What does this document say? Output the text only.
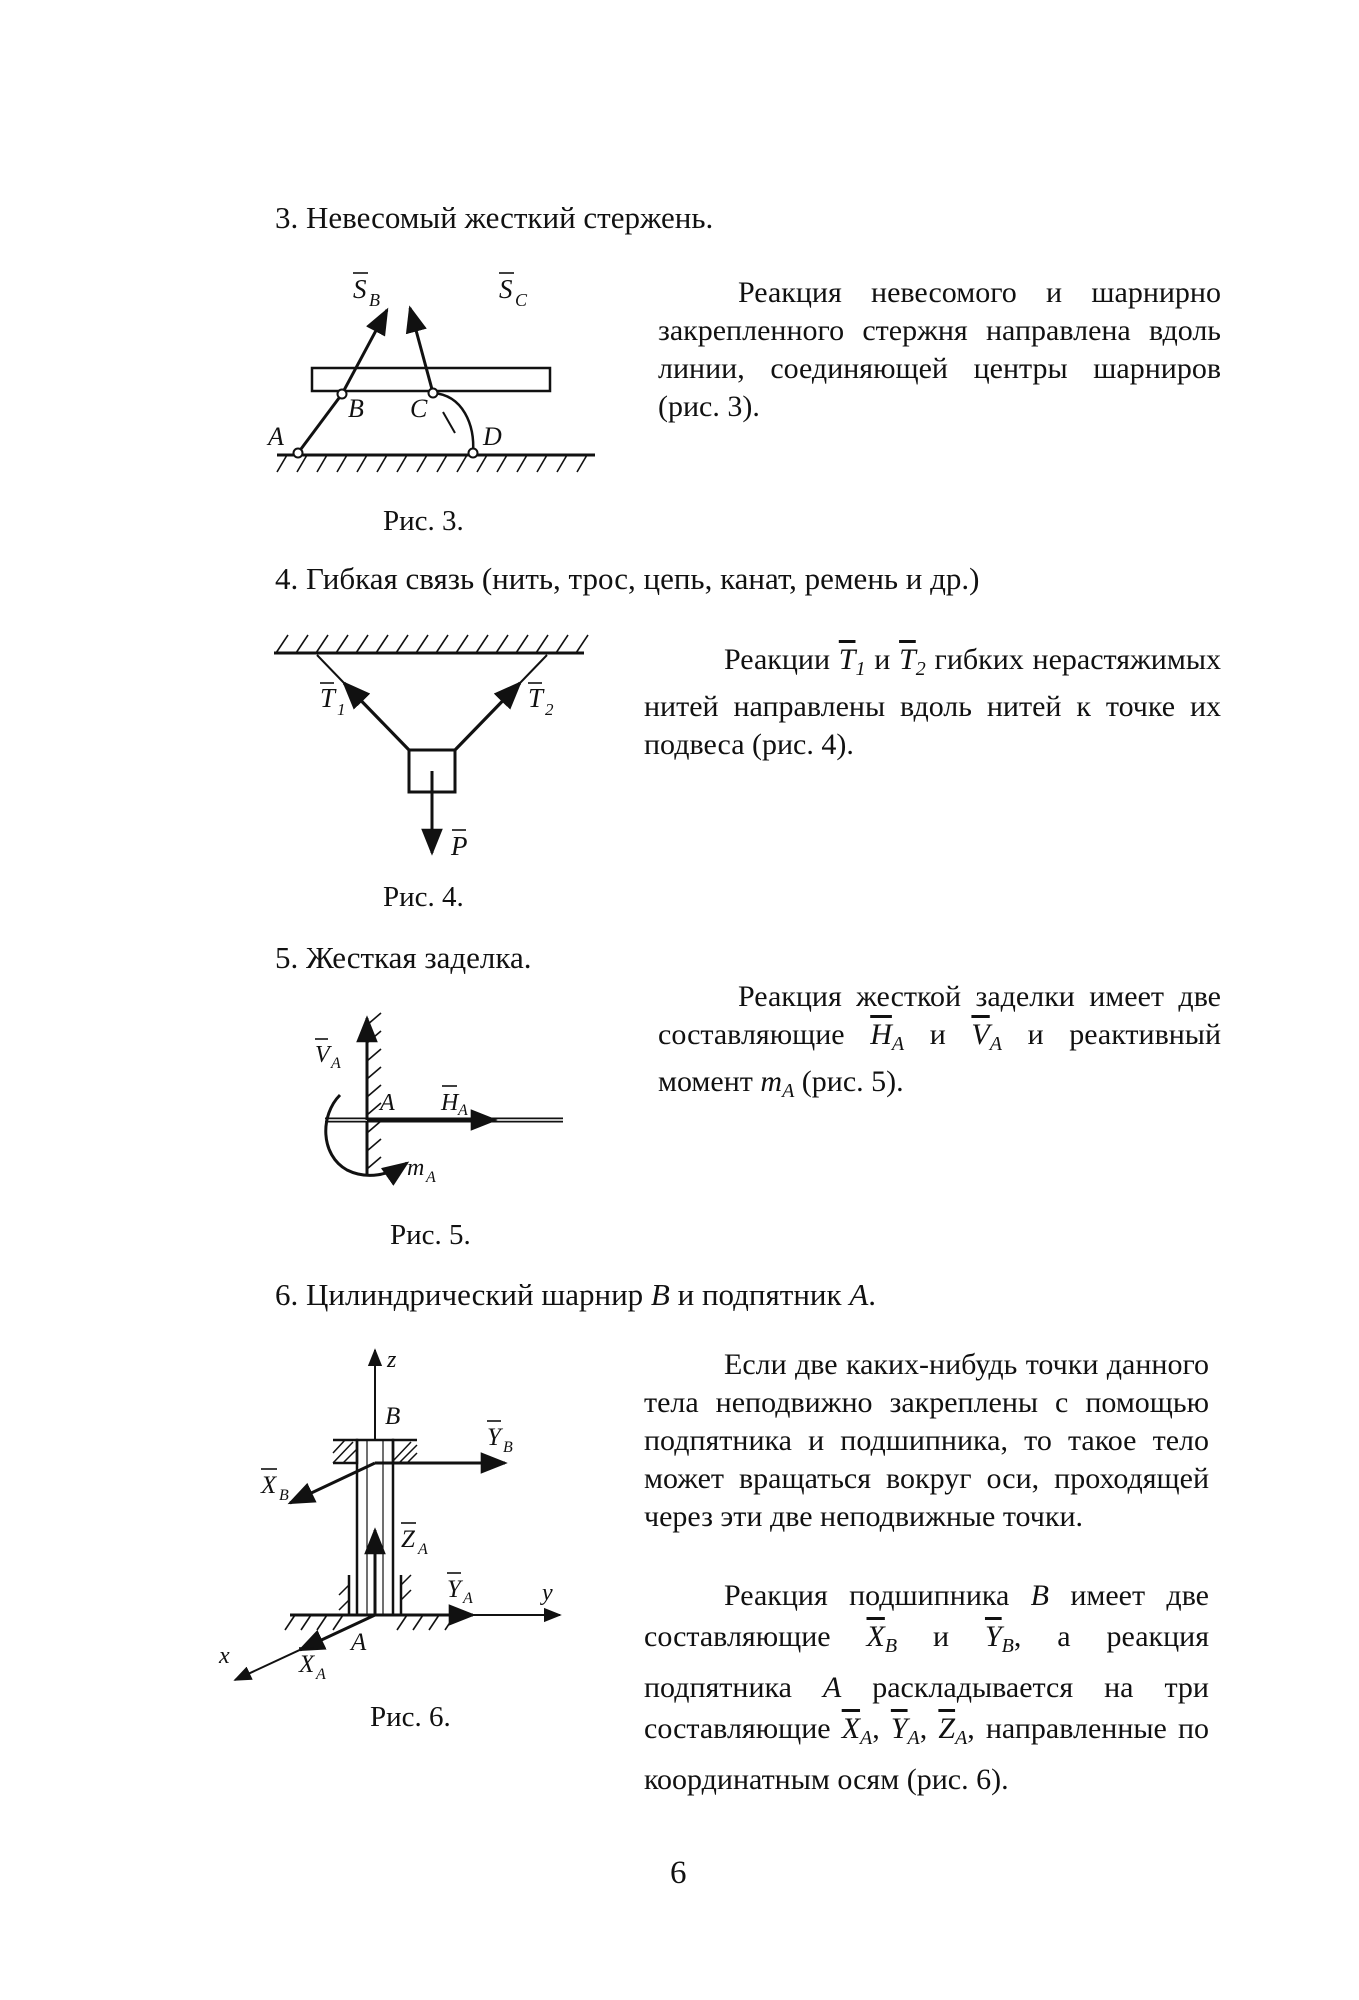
3. Невесомый жесткий стержень.
S B	S C
A
B C
D
Реакция невесомого и шарнирно закрепленного стержня направлена вдоль линии, соединяющей центры шарниров (рис. 3).
Рис. 3.
4. Гибкая связь (нить, трос, цепь, канат, ремень и др.)
T 1	T 2
P
Реакции $\overline{T}_1$ и $\overline{T}_2$ гибких нерастяжимых нитей направлены вдоль нитей к точке их подвеса (рис. 4).
Рис. 4.
5. Жесткая заделка.
V A
A H A
m A
Реакция жесткой заделки имеет две составляющие $\overline{H}_A$ и $\overline{V}_A$ и реактивный момент $m_A$ (рис. 5).
Рис. 5.
6. Цилиндрический шарнир B и подпятник A.
z
y
x
B
A
Y B
X B
Z A
Y A
X A
Если две каких-нибудь точки данного тела неподвижно закреплены с помощью подпятника и подшипника, то такое тело может вращаться вокруг оси, проходящей через эти две неподвижные точки.
Реакция подшипника B имеет две составляющие $\overline{X}_B$ и $\overline{Y}_B$, а реакция подпятника A раскладывается на три составляющие $\overline{X}_A$, $\overline{Y}_A$, $\overline{Z}_A$, направленные по координатным осям (рис. 6).
Рис. 6.
6
